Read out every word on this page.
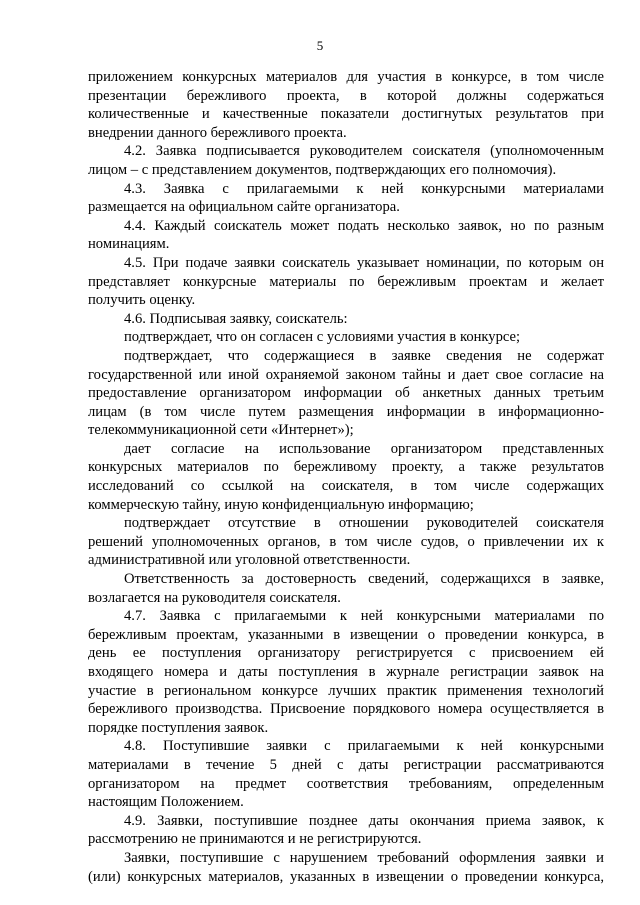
5
приложением конкурсных материалов для участия в конкурсе, в том числе
презентации бережливого проекта, в которой должны содержаться
количественные и качественные показатели достигнутых результатов при
внедрении данного бережливого проекта.
4.2. Заявка подписывается руководителем соискателя (уполномоченным
лицом – с представлением документов, подтверждающих его полномочия).
4.3. Заявка с прилагаемыми к ней конкурсными материалами
размещается на официальном сайте организатора.
4.4. Каждый соискатель может подать несколько заявок, но по разным
номинациям.
4.5. При подаче заявки соискатель указывает номинации, по которым он
представляет конкурсные материалы по бережливым проектам и желает
получить оценку.
4.6. Подписывая заявку, соискатель:
подтверждает, что он согласен с условиями участия в конкурсе;
подтверждает, что содержащиеся в заявке сведения не содержат
государственной или иной охраняемой законом тайны и дает свое согласие на
предоставление организатором информации об анкетных данных третьим
лицам (в том числе путем размещения информации в информационно-
телекоммуникационной сети «Интернет»);
дает согласие на использование организатором представленных
конкурсных материалов по бережливому проекту, а также результатов
исследований со ссылкой на соискателя, в том числе содержащих
коммерческую тайну, иную конфиденциальную информацию;
подтверждает отсутствие в отношении руководителей соискателя
решений уполномоченных органов, в том числе судов, о привлечении их к
административной или уголовной ответственности.
Ответственность за достоверность сведений, содержащихся в заявке,
возлагается на руководителя соискателя.
4.7. Заявка с прилагаемыми к ней конкурсными материалами по
бережливым проектам, указанными в извещении о проведении конкурса, в
день ее поступления организатору регистрируется с присвоением ей
входящего номера и даты поступления в журнале регистрации заявок на
участие в региональном конкурсе лучших практик применения технологий
бережливого производства. Присвоение порядкового номера осуществляется в
порядке поступления заявок.
4.8. Поступившие заявки с прилагаемыми к ней конкурсными
материалами в течение 5 дней с даты регистрации рассматриваются
организатором на предмет соответствия требованиям, определенным
настоящим Положением.
4.9. Заявки, поступившие позднее даты окончания приема заявок, к
рассмотрению не принимаются и не регистрируются.
Заявки, поступившие с нарушением требований оформления заявки и
(или) конкурсных материалов, указанных в извещении о проведении конкурса,
